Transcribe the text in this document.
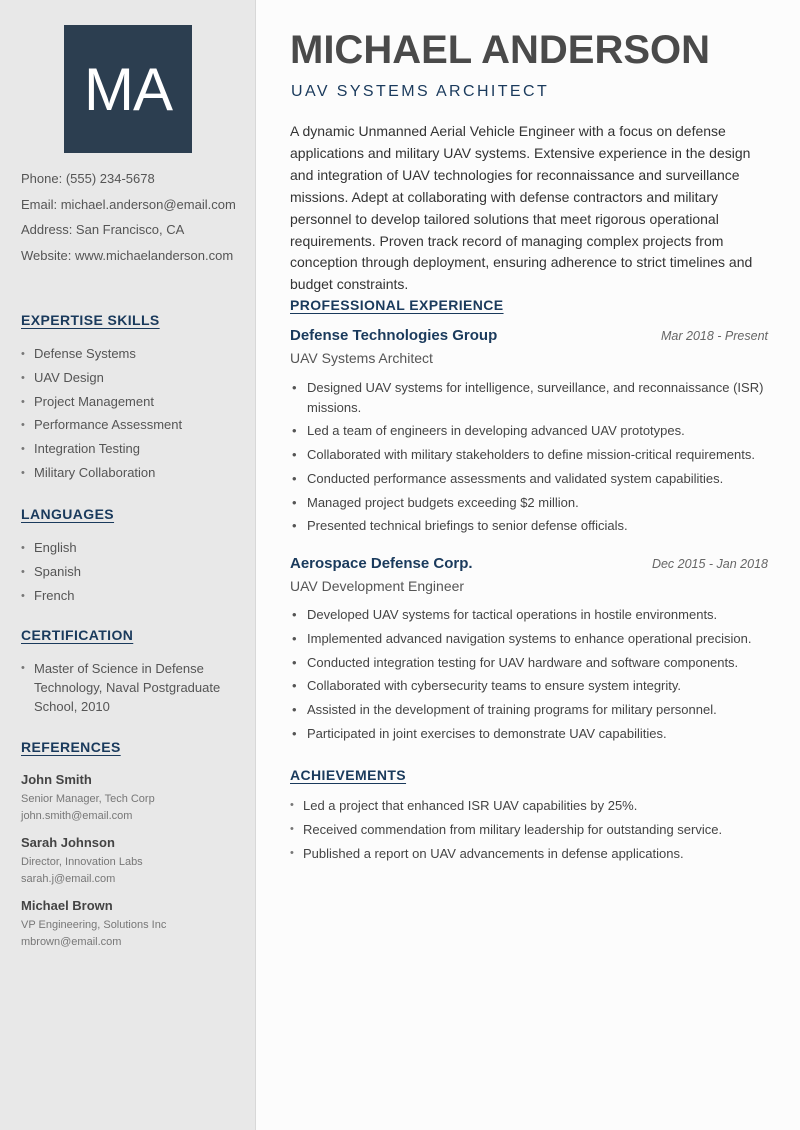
MA
Phone: (555) 234-5678
Email: michael.anderson@email.com
Address: San Francisco, CA
Website: www.michaelanderson.com
EXPERTISE SKILLS
• Defense Systems
• UAV Design
• Project Management
• Performance Assessment
• Integration Testing
• Military Collaboration
LANGUAGES
• English
• Spanish
• French
CERTIFICATION
• Master of Science in Defense Technology, Naval Postgraduate School, 2010
REFERENCES
John Smith
Senior Manager, Tech Corp
john.smith@email.com
Sarah Johnson
Director, Innovation Labs
sarah.j@email.com
Michael Brown
VP Engineering, Solutions Inc
mbrown@email.com
MICHAEL ANDERSON
UAV SYSTEMS ARCHITECT

A dynamic Unmanned Aerial Vehicle Engineer with a focus on defense applications and military UAV systems. Extensive experience in the design and integration of UAV technologies for reconnaissance and surveillance missions. Adept at collaborating with defense contractors and military personnel to develop tailored solutions that meet rigorous operational requirements. Proven track record of managing complex projects from conception through deployment, ensuring adherence to strict timelines and budget constraints.

PROFESSIONAL EXPERIENCE
Defense Technologies Group	Mar 2018 - Present
UAV Systems Architect
• Designed UAV systems for intelligence, surveillance, and reconnaissance (ISR) missions.
• Led a team of engineers in developing advanced UAV prototypes.
• Collaborated with military stakeholders to define mission-critical requirements.
• Conducted performance assessments and validated system capabilities.
• Managed project budgets exceeding $2 million.
• Presented technical briefings to senior defense officials.
Aerospace Defense Corp.	Dec 2015 - Jan 2018
UAV Development Engineer
• Developed UAV systems for tactical operations in hostile environments.
• Implemented advanced navigation systems to enhance operational precision.
• Conducted integration testing for UAV hardware and software components.
• Collaborated with cybersecurity teams to ensure system integrity.
• Assisted in the development of training programs for military personnel.
• Participated in joint exercises to demonstrate UAV capabilities.
ACHIEVEMENTS
• Led a project that enhanced ISR UAV capabilities by 25%.
• Received commendation from military leadership for outstanding service.
• Published a report on UAV advancements in defense applications.
